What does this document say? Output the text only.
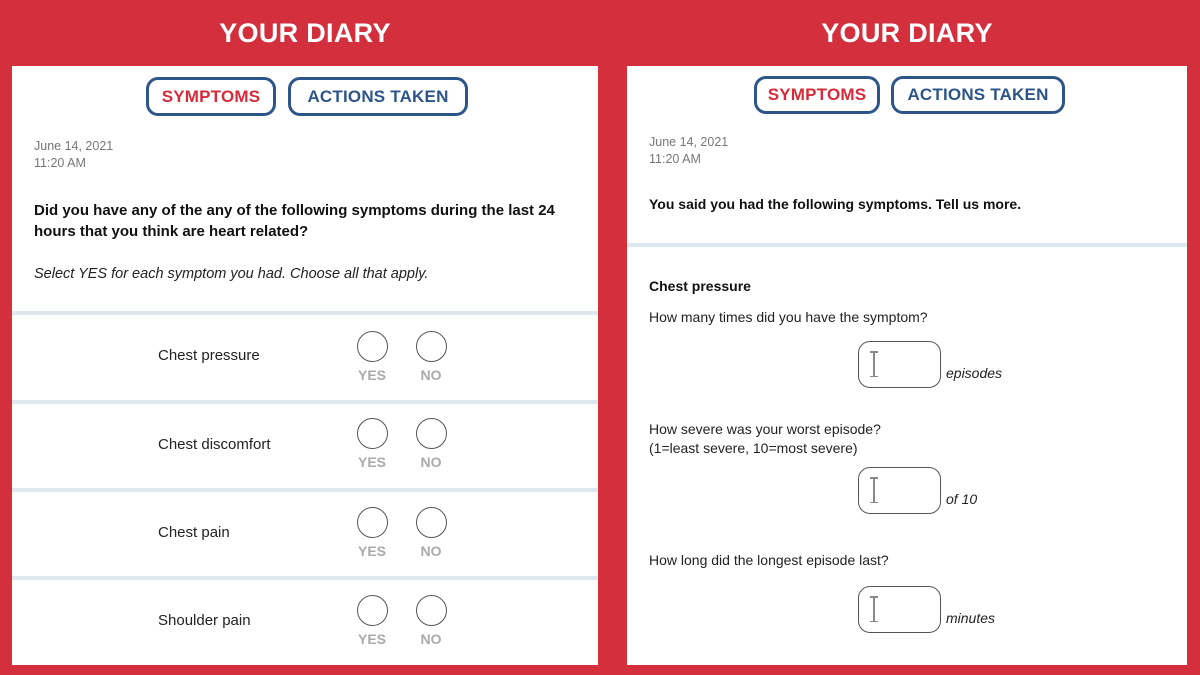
YOUR DIARY
SYMPTOMS	ACTIONS TAKEN
June 14, 2021
11:20 AM
Did you have any of the any of the following symptoms during the last 24 hours that you think are heart related?
Select YES for each symptom you had. Choose all that apply.
Chest pressure
YES	NO
Chest discomfort
YES	NO
Chest pain
YES	NO
Shoulder pain
YES	NO
YOUR DIARY
SYMPTOMS	ACTIONS TAKEN
June 14, 2021
11:20 AM
You said you had the following symptoms. Tell us more.
Chest pressure
How many times did you have the symptom?
episodes
How severe was your worst episode?
(1=least severe, 10=most severe)
of 10
How long did the longest episode last?
minutes
